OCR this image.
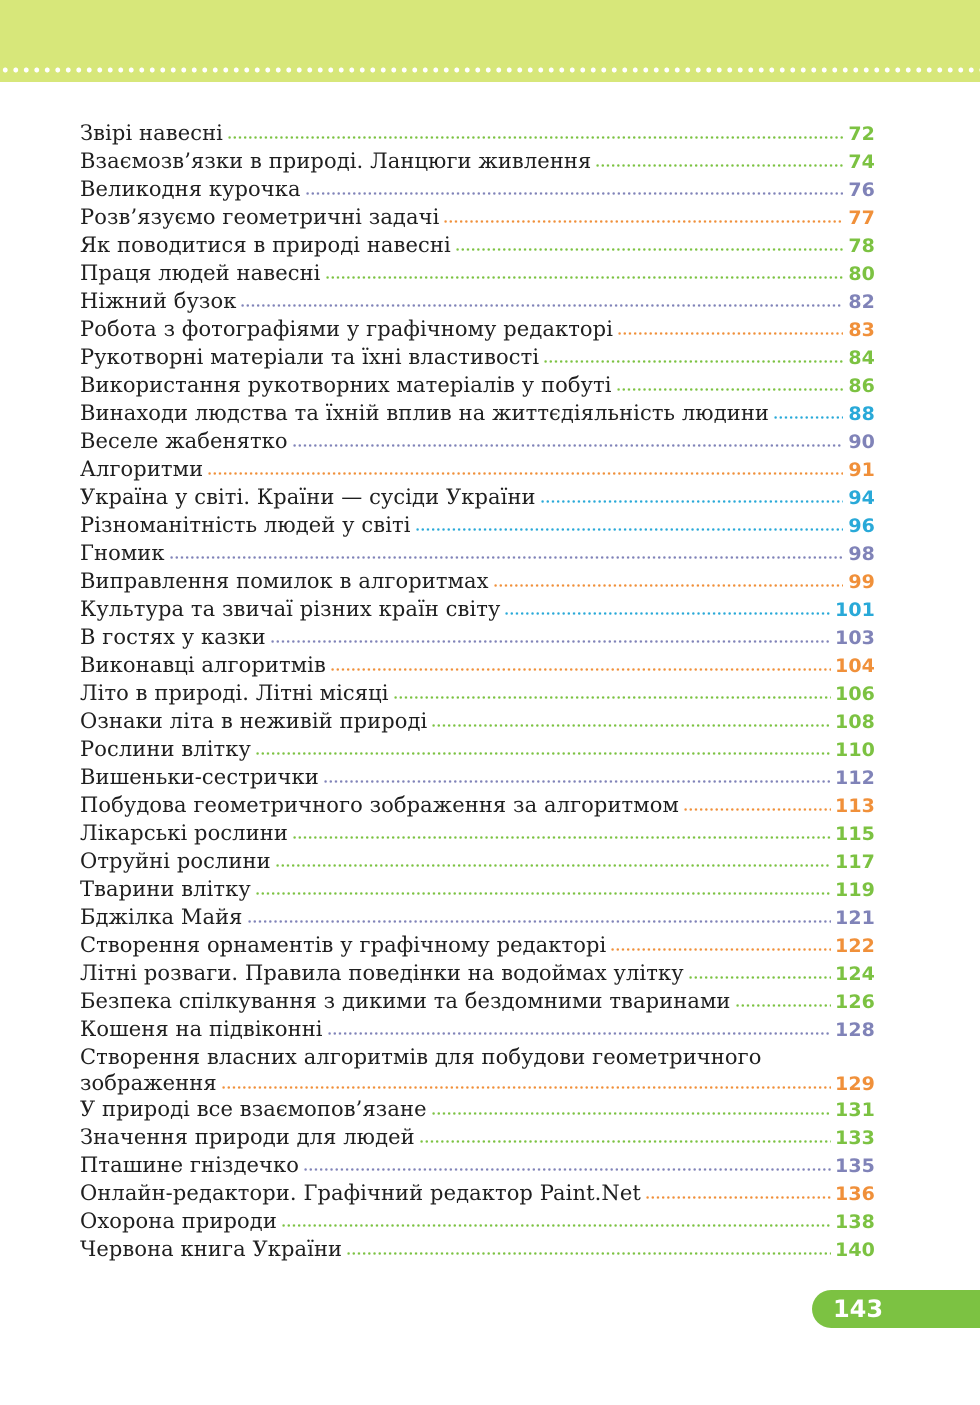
Звірі навесні	72
Взаємозв’язки в природі. Ланцюги живлення	74
Великодня курочка	76
Розв’язуємо геометричні задачі	77
Як поводитися в природі навесні	78
Праця людей навесні	80
Ніжний бузок	82
Робота з фотографіями у графічному редакторі	83
Рукотворні матеріали та їхні властивості	84
Використання рукотворних матеріалів у побуті	86
Винаходи людства та їхній вплив на життєдіяльність людини	88
Веселе жабенятко	90
Алгоритми	91
Україна у світі. Країни — сусіди України	94
Різноманітність людей у світі	96
Гномик	98
Виправлення помилок в алгоритмах	99
Культура та звичаї різних країн світу	101
В гостях у казки	103
Виконавці алгоритмів	104
Літо в природі. Літні місяці	106
Ознаки літа в неживій природі	108
Рослини влітку	110
Вишеньки-сестрички	112
Побудова геометричного зображення за алгоритмом	113
Лікарські рослини	115
Отруйні рослини	117
Тварини влітку	119
Бджілка Майя	121
Створення орнаментів у графічному редакторі	122
Літні розваги. Правила поведінки на водоймах улітку	124
Безпека спілкування з дикими та бездомними тваринами	126
Кошеня на підвіконні	128
Створення власних алгоритмів для побудови геометричного
зображення	129
У природі все взаємопов’язане	131
Значення природи для людей	133
Пташине гніздечко	135
Онлайн-редактори. Графічний редактор Paint.Net	136
Охорона природи	138
Червона книга України	140
143
